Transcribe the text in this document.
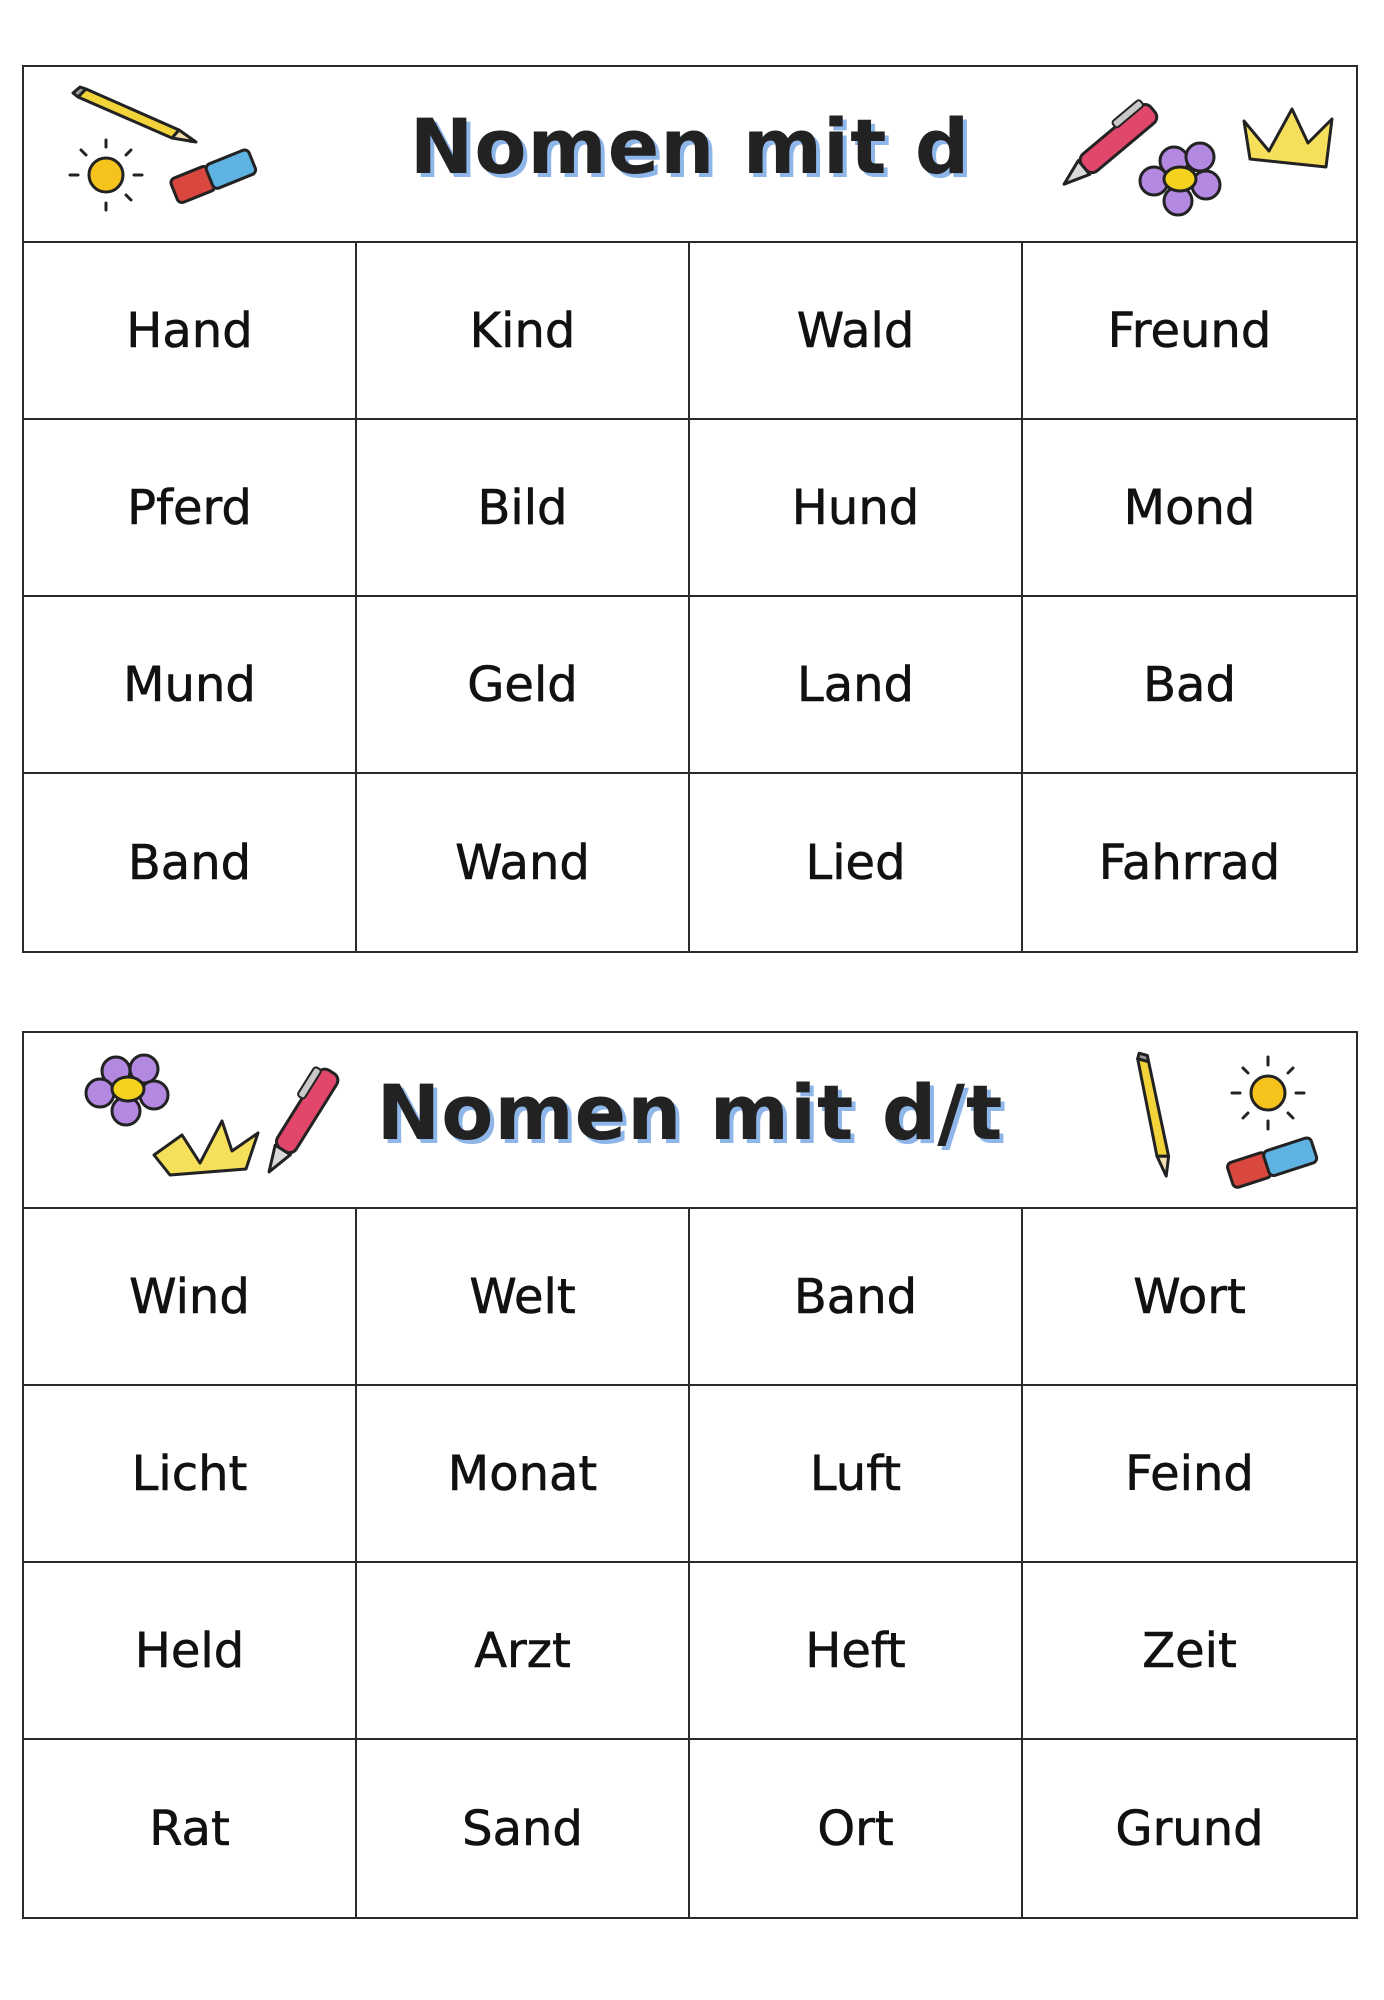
Nomen mit d
Hand	Kind	Wald	Freund
Pferd	Bild	Hund	Mond
Mund	Geld	Land	Bad
Band	Wand	Lied	Fahrrad
Nomen mit d/t
Wind	Welt	Band	Wort
Licht	Monat	Luft	Feind
Held	Arzt	Heft	Zeit
Rat	Sand	Ort	Grund
